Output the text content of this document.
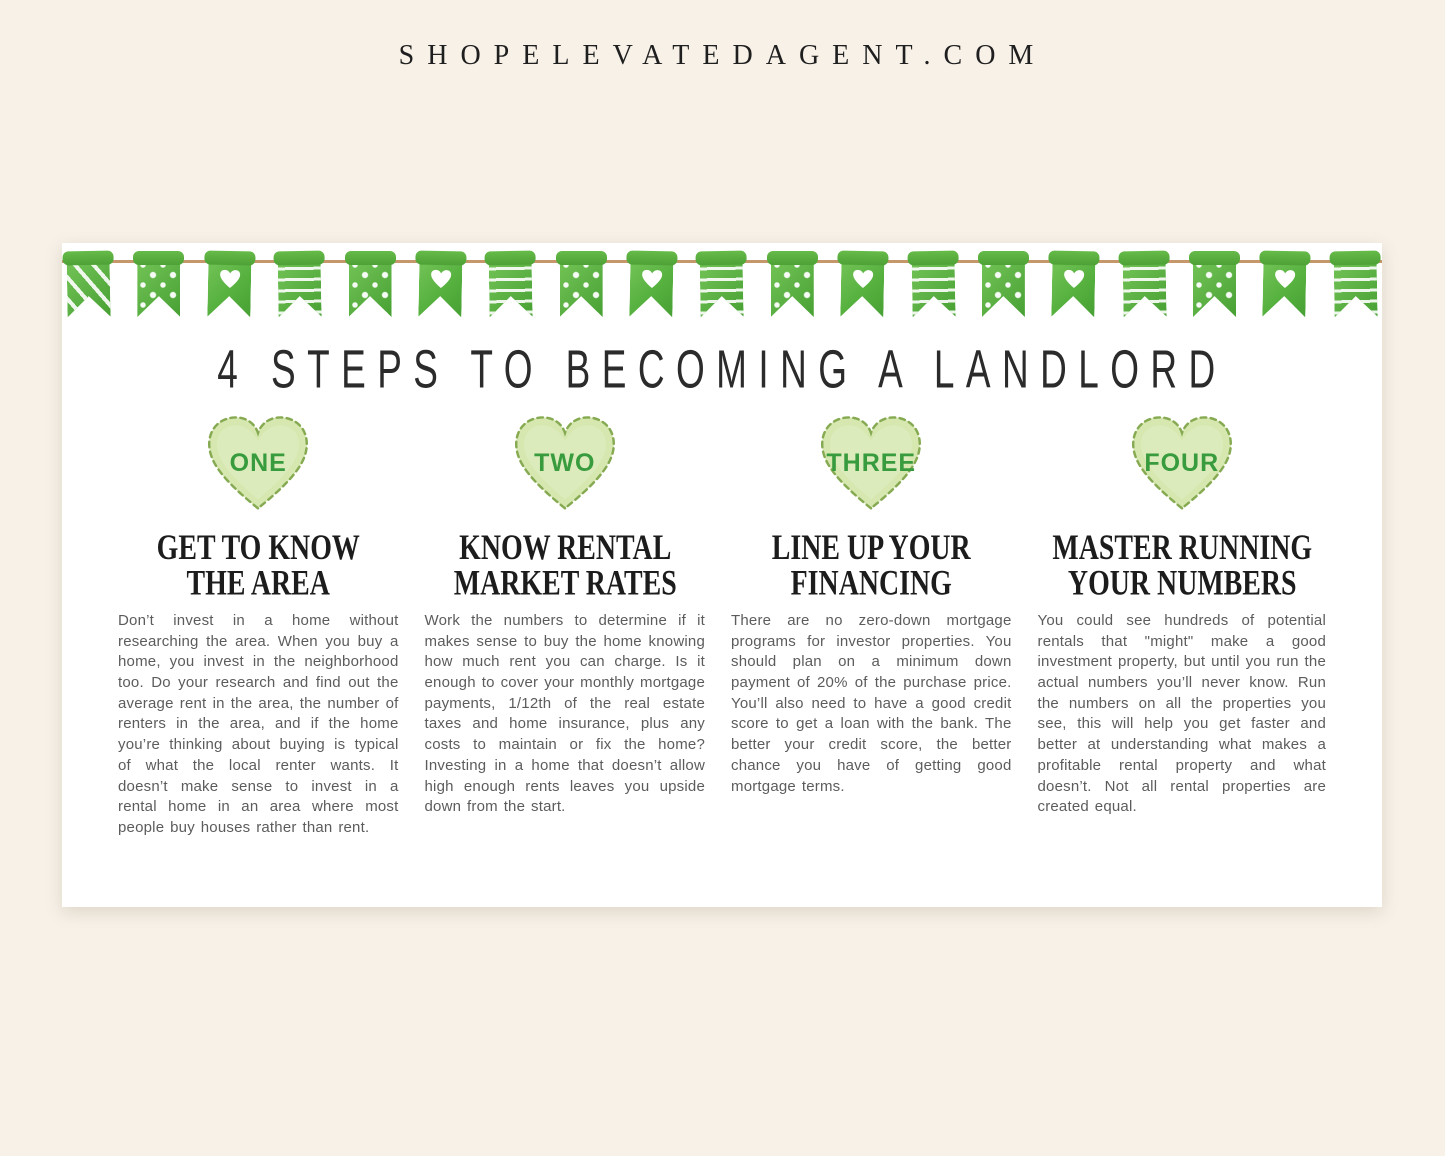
SHOPELEVATEDAGENT.COM
4 STEPS TO BECOMING A LANDLORD
ONE
GET TO KNOW
THE AREA

Don’t invest in a home without researching the area. When you buy a home, you invest in the neighborhood too. Do your research and find out the average rent in the area, the number of renters in the area, and if the home you’re thinking about buying is typical of what the local renter wants. It doesn’t make sense to invest in a rental home in an area where most people buy houses rather than rent.

TWO
KNOW RENTAL
MARKET RATES

Work the numbers to determine if it makes sense to buy the home knowing how much rent you can charge. Is it enough to cover your monthly mortgage payments, 1/12th of the real estate taxes and home insurance, plus any costs to maintain or fix the home? Investing in a home that doesn’t allow high enough rents leaves you upside down from the start.

THREE
LINE UP YOUR
FINANCING

There are no zero-down mortgage programs for investor properties. You should plan on a minimum down payment of 20% of the purchase price. You’ll also need to have a good credit score to get a loan with the bank. The better your credit score, the better chance you have of getting good mortgage terms.

FOUR
MASTER RUNNING
YOUR NUMBERS

You could see hundreds of potential rentals that "might" make a good investment property, but until you run the actual numbers you’ll never know. Run the numbers on all the properties you see, this will help you get faster and better at understanding what makes a profitable rental property and what doesn’t. Not all rental properties are created equal.
